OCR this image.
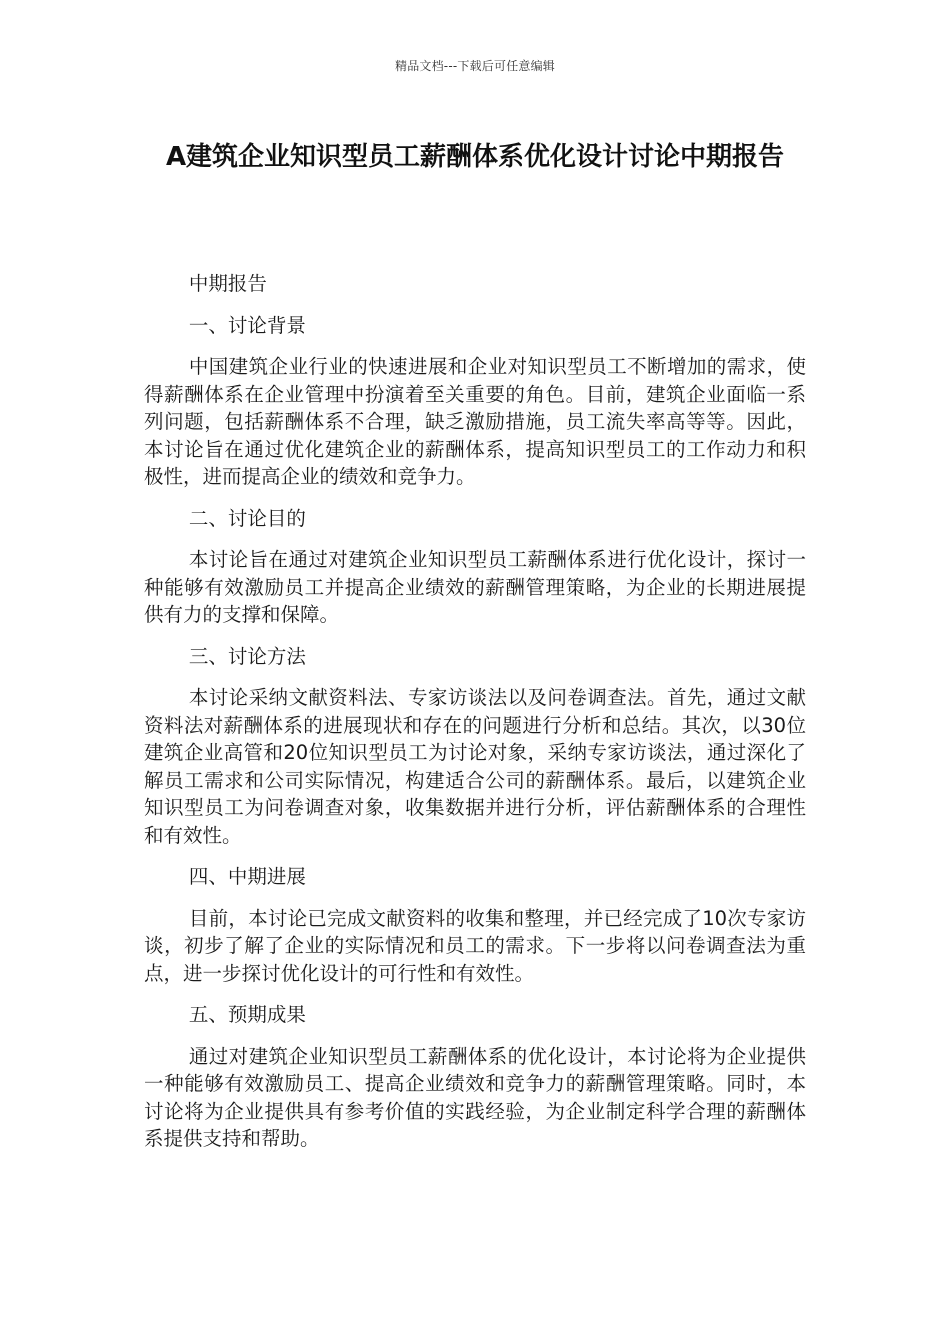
精品文档---下载后可任意编辑
A建筑企业知识型员工薪酬体系优化设计讨论中期报告
中期报告
一、讨论背景

中国建筑企业行业的快速进展和企业对知识型员工不断增加的需求，使得薪酬体系在企业管理中扮演着至关重要的角色。目前，建筑企业面临一系列问题，包括薪酬体系不合理，缺乏激励措施，员工流失率高等等。因此，本讨论旨在通过优化建筑企业的薪酬体系，提高知识型员工的工作动力和积极性，进而提高企业的绩效和竞争力。

二、讨论目的

本讨论旨在通过对建筑企业知识型员工薪酬体系进行优化设计，探讨一种能够有效激励员工并提高企业绩效的薪酬管理策略，为企业的长期进展提供有力的支撑和保障。

三、讨论方法

本讨论采纳文献资料法、专家访谈法以及问卷调查法。首先，通过文献资料法对薪酬体系的进展现状和存在的问题进行分析和总结。其次，以30位建筑企业高管和20位知识型员工为讨论对象，采纳专家访谈法，通过深化了解员工需求和公司实际情况，构建适合公司的薪酬体系。最后，以建筑企业知识型员工为问卷调查对象，收集数据并进行分析，评估薪酬体系的合理性和有效性。

四、中期进展

目前，本讨论已完成文献资料的收集和整理，并已经完成了10次专家访谈，初步了解了企业的实际情况和员工的需求。下一步将以问卷调查法为重点，进一步探讨优化设计的可行性和有效性。

五、预期成果

通过对建筑企业知识型员工薪酬体系的优化设计，本讨论将为企业提供一种能够有效激励员工、提高企业绩效和竞争力的薪酬管理策略。同时，本讨论将为企业提供具有参考价值的实践经验，为企业制定科学合理的薪酬体系提供支持和帮助。
